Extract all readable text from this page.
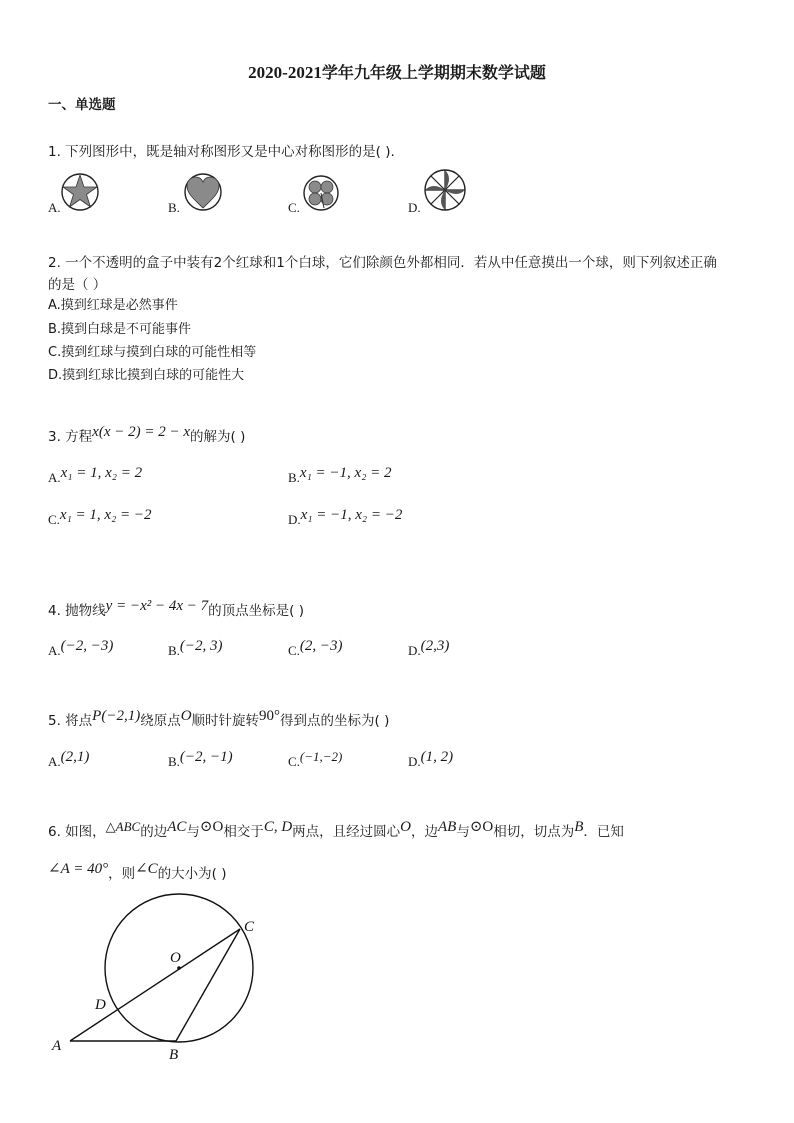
2020-2021学年九年级上学期期末数学试题
一、单选题
1. 下列图形中，既是轴对称图形又是中心对称图形的是( ).
A.	B.	C.	D.
2. 一个不透明的盒子中装有2个红球和1个白球，它们除颜色外都相同．若从中任意摸出一个球，则下列叙述正确
的是（ ）
A.摸到红球是必然事件
B.摸到白球是不可能事件
C.摸到红球与摸到白球的可能性相等
D.摸到红球比摸到白球的可能性大
3. 方程x(x − 2) = 2 − x的解为( )
A.x₁ = 1, x₂ = 2	B.x₁ = −1, x₂ = 2
C.x₁ = 1, x₂ = −2	D.x₁ = −1, x₂ = −2
4. 抛物线y = −x² − 4x − 7的顶点坐标是( )
A.(−2, −3)	B.(−2, 3)	C.(2, −3)	D.(2,3)
5. 将点P(−2,1)绕原点O顺时针旋转90°得到点的坐标为( )
A.(2,1)	B.(−2, −1)	C.(−1,−2)	D.(1, 2)
6. 如图，△ABC的边AC与⊙O相交于C, D两点，且经过圆心O，边AB与⊙O相切，切点为B．已知
∠A = 40°，则∠C的大小为( )
O
C
D
A
B
